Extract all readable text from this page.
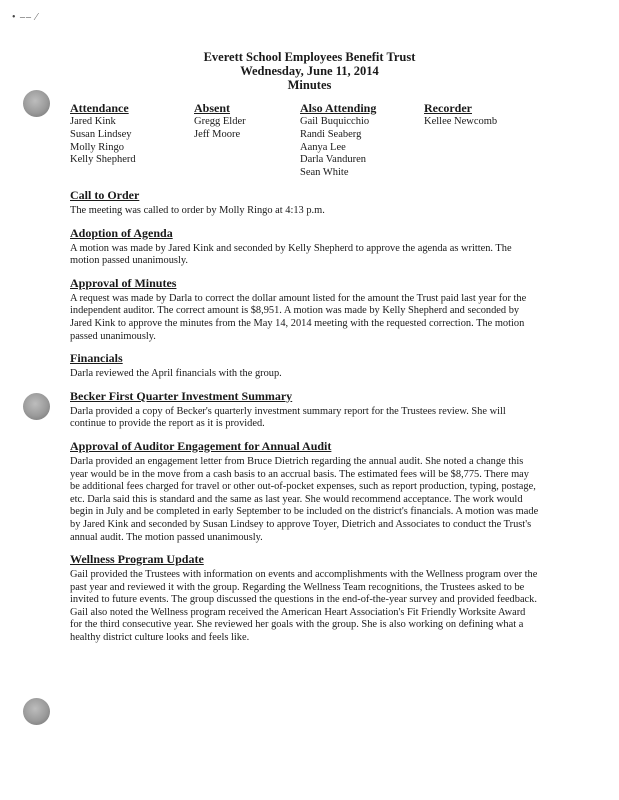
• –– ⁄
Everett School Employees Benefit Trust
Wednesday, June 11, 2014
Minutes
Attendance
Jared Kink
Susan Lindsey
Molly Ringo
Kelly Shepherd
Absent
Gregg Elder
Jeff Moore
Also Attending
Gail Buquicchio
Randi Seaberg
Aanya Lee
Darla Vanduren
Sean White
Recorder
Kellee Newcomb
Call to Order

The meeting was called to order by Molly Ringo at 4:13 p.m.

Adoption of Agenda

A motion was made by Jared Kink and seconded by Kelly Shepherd to approve the agenda as written. The motion passed unanimously.

Approval of Minutes

A request was made by Darla to correct the dollar amount listed for the amount the Trust paid last year for the independent auditor. The correct amount is $8,951. A motion was made by Kelly Shepherd and seconded by Jared Kink to approve the minutes from the May 14, 2014 meeting with the requested correction. The motion passed unanimously.

Financials

Darla reviewed the April financials with the group.

Becker First Quarter Investment Summary

Darla provided a copy of Becker's quarterly investment summary report for the Trustees review. She will continue to provide the report as it is provided.

Approval of Auditor Engagement for Annual Audit

Darla provided an engagement letter from Bruce Dietrich regarding the annual audit. She noted a change this year would be in the move from a cash basis to an accrual basis. The estimated fees will be $8,775. There may be additional fees charged for travel or other out-of-pocket expenses, such as report production, typing, postage, etc. Darla said this is standard and the same as last year. She would recommend acceptance. The work would begin in July and be completed in early September to be included on the district's financials. A motion was made by Jared Kink and seconded by Susan Lindsey to approve Toyer, Dietrich and Associates to conduct the Trust's annual audit. The motion passed unanimously.

Wellness Program Update

Gail provided the Trustees with information on events and accomplishments with the Wellness program over the past year and reviewed it with the group. Regarding the Wellness Team recognitions, the Trustees asked to be invited to future events. The group discussed the questions in the end-of-the-year survey and provided feedback. Gail also noted the Wellness program received the American Heart Association's Fit Friendly Worksite Award for the third consecutive year. She reviewed her goals with the group. She is also working on defining what a healthy district culture looks and feels like.
